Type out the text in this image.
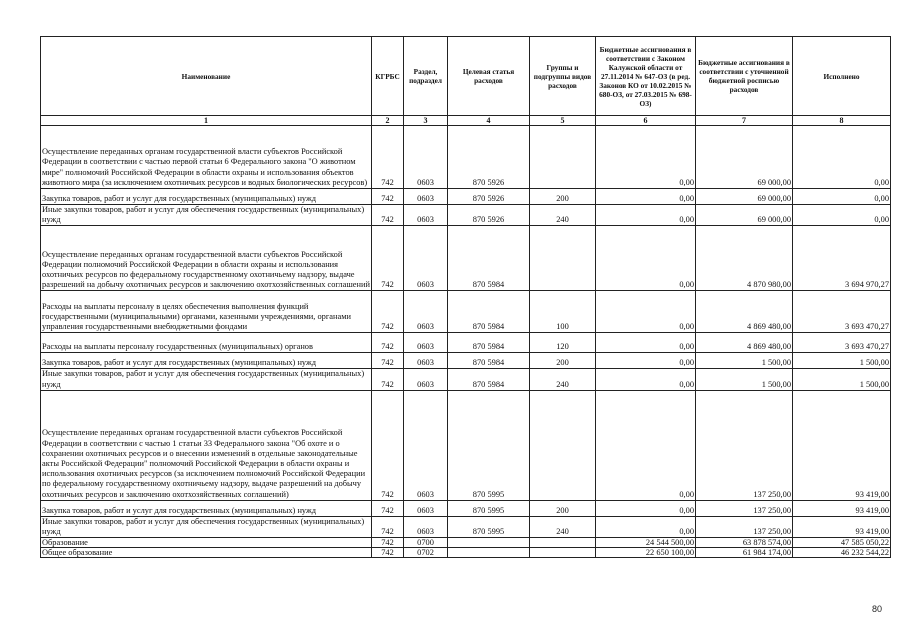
Наименование	КГРБС	Раздел, подраздел	Целевая статья расходов	Группы и подгруппы видов расходов	Бюджетные ассигнования в соответствии с Законом Калужской области от 27.11.2014 № 647-ОЗ (в ред. Законов КО от 10.02.2015 № 680-ОЗ, от 27.03.2015 № 698-ОЗ)	Бюджетные ассигнования в соответствии с уточненной бюджетной росписью расходов	Исполнено
1	2	3	4	5	6	7	8
Осуществление переданных органам государственной власти субъектов Российской Федерации в соответствии с частью первой статьи 6 Федерального закона "О животном мире" полномочий Российской Федерации в области охраны и использования объектов животного мира (за исключением охотничьих ресурсов и водных биологических ресурсов)	742	0603	870 5926		0,00	69 000,00	0,00
Закупка товаров, работ и услуг для государственных (муниципальных) нужд	742	0603	870 5926	200	0,00	69 000,00	0,00
Иные закупки товаров, работ и услуг для обеспечения государственных (муниципальных) нужд	742	0603	870 5926	240	0,00	69 000,00	0,00
Осуществление переданных органам государственной власти субъектов Российской Федерации полномочий Российской Федерации в области охраны и использования охотничьих ресурсов по федеральному государственному охотничьему надзору, выдаче разрешений на добычу охотничьих ресурсов и заключению охотхозяйственных соглашений	742	0603	870 5984		0,00	4 870 980,00	3 694 970,27
Расходы на выплаты персоналу в целях обеспечения выполнения функций государственными (муниципальными) органами, казенными учреждениями, органами управления государственными внебюджетными фондами	742	0603	870 5984	100	0,00	4 869 480,00	3 693 470,27
Расходы на выплаты персоналу государственных (муниципальных) органов	742	0603	870 5984	120	0,00	4 869 480,00	3 693 470,27
Закупка товаров, работ и услуг для государственных (муниципальных) нужд	742	0603	870 5984	200	0,00	1 500,00	1 500,00
Иные закупки товаров, работ и услуг для обеспечения государственных (муниципальных) нужд	742	0603	870 5984	240	0,00	1 500,00	1 500,00
Осуществление переданных органам государственной власти субъектов Российской Федерации в соответствии с частью 1 статьи 33 Федерального закона "Об охоте и о сохранении охотничьих ресурсов и о внесении изменений в отдельные законодательные акты Российской Федерации" полномочий Российской Федерации в области охраны и использования охотничьих ресурсов (за исключением полномочий Российской Федерации по федеральному государственному охотничьему надзору, выдаче разрешений на добычу охотничьих ресурсов и заключению охотхозяйственных соглашений)	742	0603	870 5995		0,00	137 250,00	93 419,00
Закупка товаров, работ и услуг для государственных (муниципальных) нужд	742	0603	870 5995	200	0,00	137 250,00	93 419,00
Иные закупки товаров, работ и услуг для обеспечения государственных (муниципальных) нужд	742	0603	870 5995	240	0,00	137 250,00	93 419,00
Образование	742	0700			24 544 500,00	63 878 574,00	47 585 050,22
Общее образование	742	0702			22 650 100,00	61 984 174,00	46 232 544,22
80
